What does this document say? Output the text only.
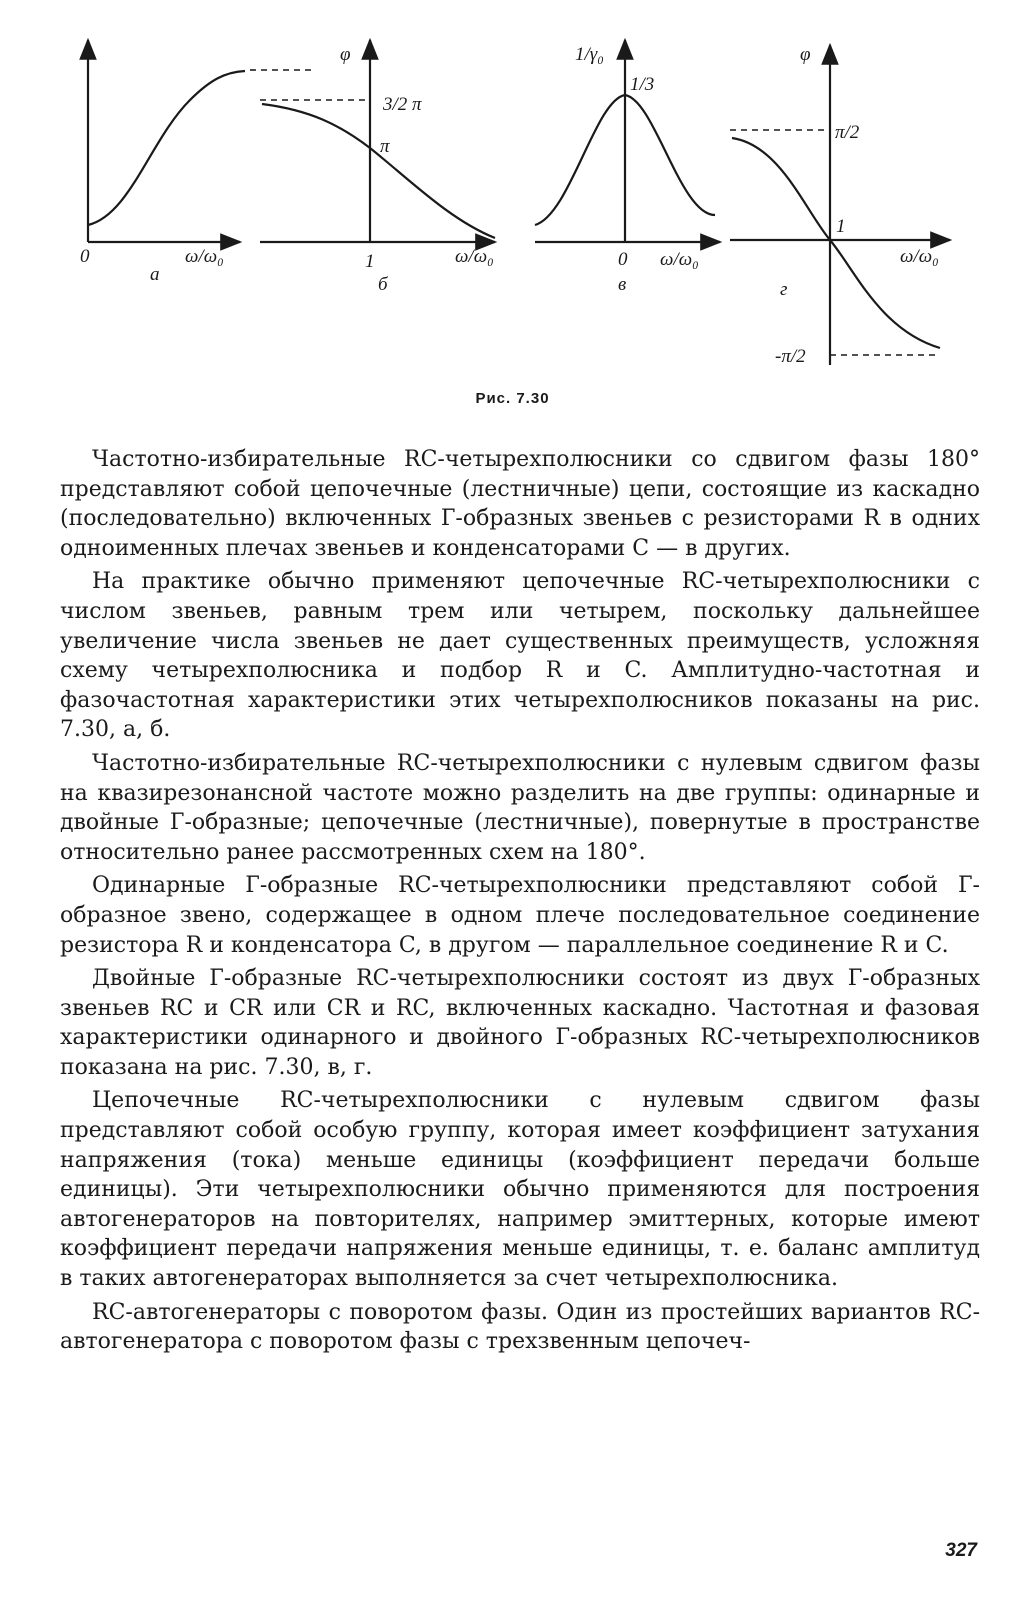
0	ω/ω₀
а
φ
1
3/2 π
π
ω/ω₀
б
1/γ₀
1/3
0 ω/ω₀
в
φ
π/2
1
ω/ω₀
г
-π/2
Рис. 7.30

Частотно-избирательные RC-четырехполюсники со сдвигом фазы 180° представляют собой цепочечные (лестничные) цепи, состоящие из каскадно (последовательно) включенных Г-образных звеньев с резисторами R в одних одноименных плечах звеньев и конденсаторами C — в других.

На практике обычно применяют цепочечные RC-четырехполюсники с числом звеньев, равным трем или четырем, поскольку дальнейшее увеличение числа звеньев не дает существенных преимуществ, усложняя схему четырехполюсника и подбор R и C. Амплитудно-частотная и фазочастотная характеристики этих четырехполюсников показаны на рис. 7.30, а, б.

Частотно-избирательные RC-четырехполюсники с нулевым сдвигом фазы на квазирезонансной частоте можно разделить на две группы: одинарные и двойные Г-образные; цепочечные (лестничные), повернутые в пространстве относительно ранее рассмотренных схем на 180°.

Одинарные Г-образные RC-четырехполюсники представляют собой Г-образное звено, содержащее в одном плече последовательное соединение резистора R и конденсатора C, в другом — параллельное соединение R и C.

Двойные Г-образные RC-четырехполюсники состоят из двух Г-образных звеньев RC и CR или CR и RC, включенных каскадно. Частотная и фазовая характеристики одинарного и двойного Г-образных RC-четырехполюсников показана на рис. 7.30, в, г.

Цепочечные RC-четырехполюсники с нулевым сдвигом фазы представляют собой особую группу, которая имеет коэффициент затухания напряжения (тока) меньше единицы (коэффициент передачи больше единицы). Эти четырехполюсники обычно применяются для построения автогенераторов на повторителях, например эмиттерных, которые имеют коэффициент передачи напряжения меньше единицы, т. е. баланс амплитуд в таких автогенераторах выполняется за счет четырехполюсника.

RC-автогенераторы с поворотом фазы. Один из простейших вариантов RC-автогенератора с поворотом фазы с трехзвенным цепочеч-

327
